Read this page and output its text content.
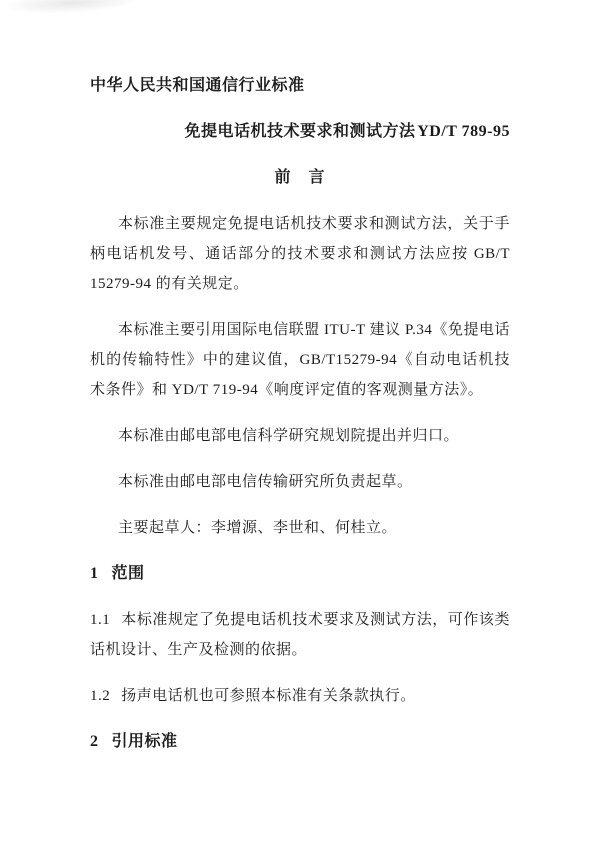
中华人民共和国通信行业标准

免提电话机技术要求和测试方法 YD/T 789-95

前　言

本标准主要规定免提电话机技术要求和测试方法，关于手柄电话机发号、通话部分的技术要求和测试方法应按 GB/T 15279-94 的有关规定。

本标准主要引用国际电信联盟 ITU-T 建议 P.34《免提电话机的传输特性》中的建议值，GB/T15279-94《自动电话机技术条件》和 YD/T 719-94《响度评定值的客观测量方法》。

本标准由邮电部电信科学研究规划院提出并归口。

本标准由邮电部电信传输研究所负责起草。

主要起草人：李增源、李世和、何桂立。

1 范围

1.1 本标准规定了免提电话机技术要求及测试方法，可作该类话机设计、生产及检测的依据。

1.2 扬声电话机也可参照本标准有关条款执行。

2 引用标准
